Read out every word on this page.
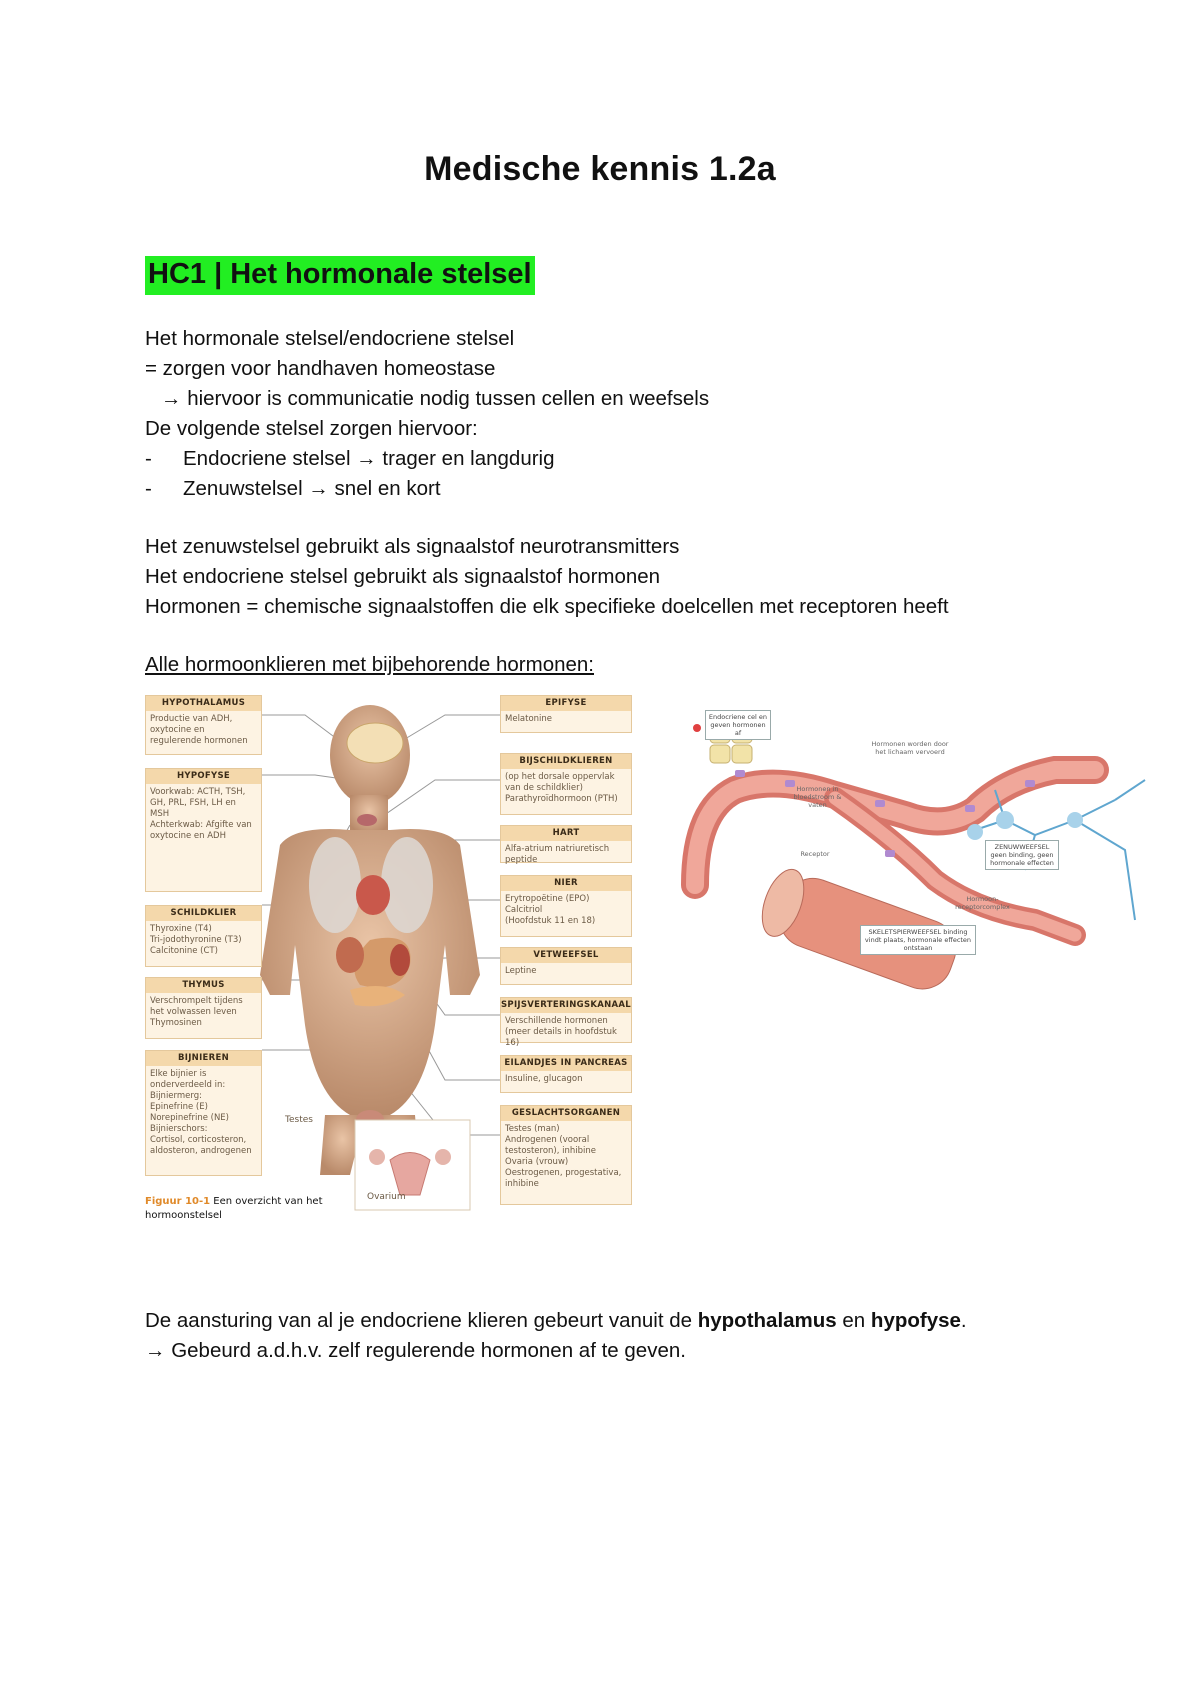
Medische kennis 1.2a
HC1 | Het hormonale stelsel
Het hormonale stelsel/endocriene stelsel
= zorgen voor handhaven homeostase
→ hiervoor is communicatie nodig tussen cellen en weefsels
De volgende stelsel zorgen hiervoor:
- Endocriene stelsel → trager en langdurig
- Zenuwstelsel → snel en kort
Het zenuwstelsel gebruikt als signaalstof neurotransmitters
Het endocriene stelsel gebruikt als signaalstof hormonen
Hormonen = chemische signaalstoffen die elk specifieke doelcellen met receptoren heeft
Alle hormoonklieren met bijbehorende hormonen:
HYPOTHALAMUS
Productie van ADH, oxytocine en regulerende hormonen
HYPOFYSE
Voorkwab: ACTH, TSH, GH, PRL, FSH, LH en MSH
Achterkwab: Afgifte van oxytocine en ADH
SCHILDKLIER
Thyroxine (T4)
Tri-jodothyronine (T3)
Calcitonine (CT)
THYMUS
Verschrompelt tijdens het volwassen leven
Thymosinen
BIJNIEREN
Elke bijnier is onderverdeeld in:
Bijniermerg:
Epinefrine (E)
Norepinefrine (NE)
Bijnierschors:
Cortisol, corticosteron, aldosteron, androgenen
EPIFYSE
Melatonine
BIJSCHILDKLIEREN
(op het dorsale oppervlak van de schildklier)
Parathyroïdhormoon (PTH)
HART
Alfa-atrium natriuretisch peptide
NIER
Erytropoëtine (EPO)
Calcitriol
(Hoofdstuk 11 en 18)
VETWEEFSEL
Leptine
SPIJSVERTERINGSKANAAL
Verschillende hormonen (meer details in hoofdstuk 16)
EILANDJES IN PANCREAS
Insuline, glucagon
GESLACHTSORGANEN
Testes (man)
Androgenen (vooral testosteron), inhibine
Ovaria (vrouw)
Oestrogenen, progestativa, inhibine
Testes
Ovarium
Figuur 10-1 Een overzicht van het hormoonstelsel
Endocriene cel en geven hormonen af
Hormonen worden door het lichaam vervoerd
Hormonen in bloedstroom & vaten
Receptor
Hormoon-receptorcomplex
ZENUWWEEFSEL geen binding, geen hormonale effecten
SKELETSPIERWEEFSEL binding vindt plaats, hormonale effecten ontstaan
De aansturing van al je endocriene klieren gebeurt vanuit de hypothalamus en hypofyse.
→ Gebeurd a.d.h.v. zelf regulerende hormonen af te geven.
